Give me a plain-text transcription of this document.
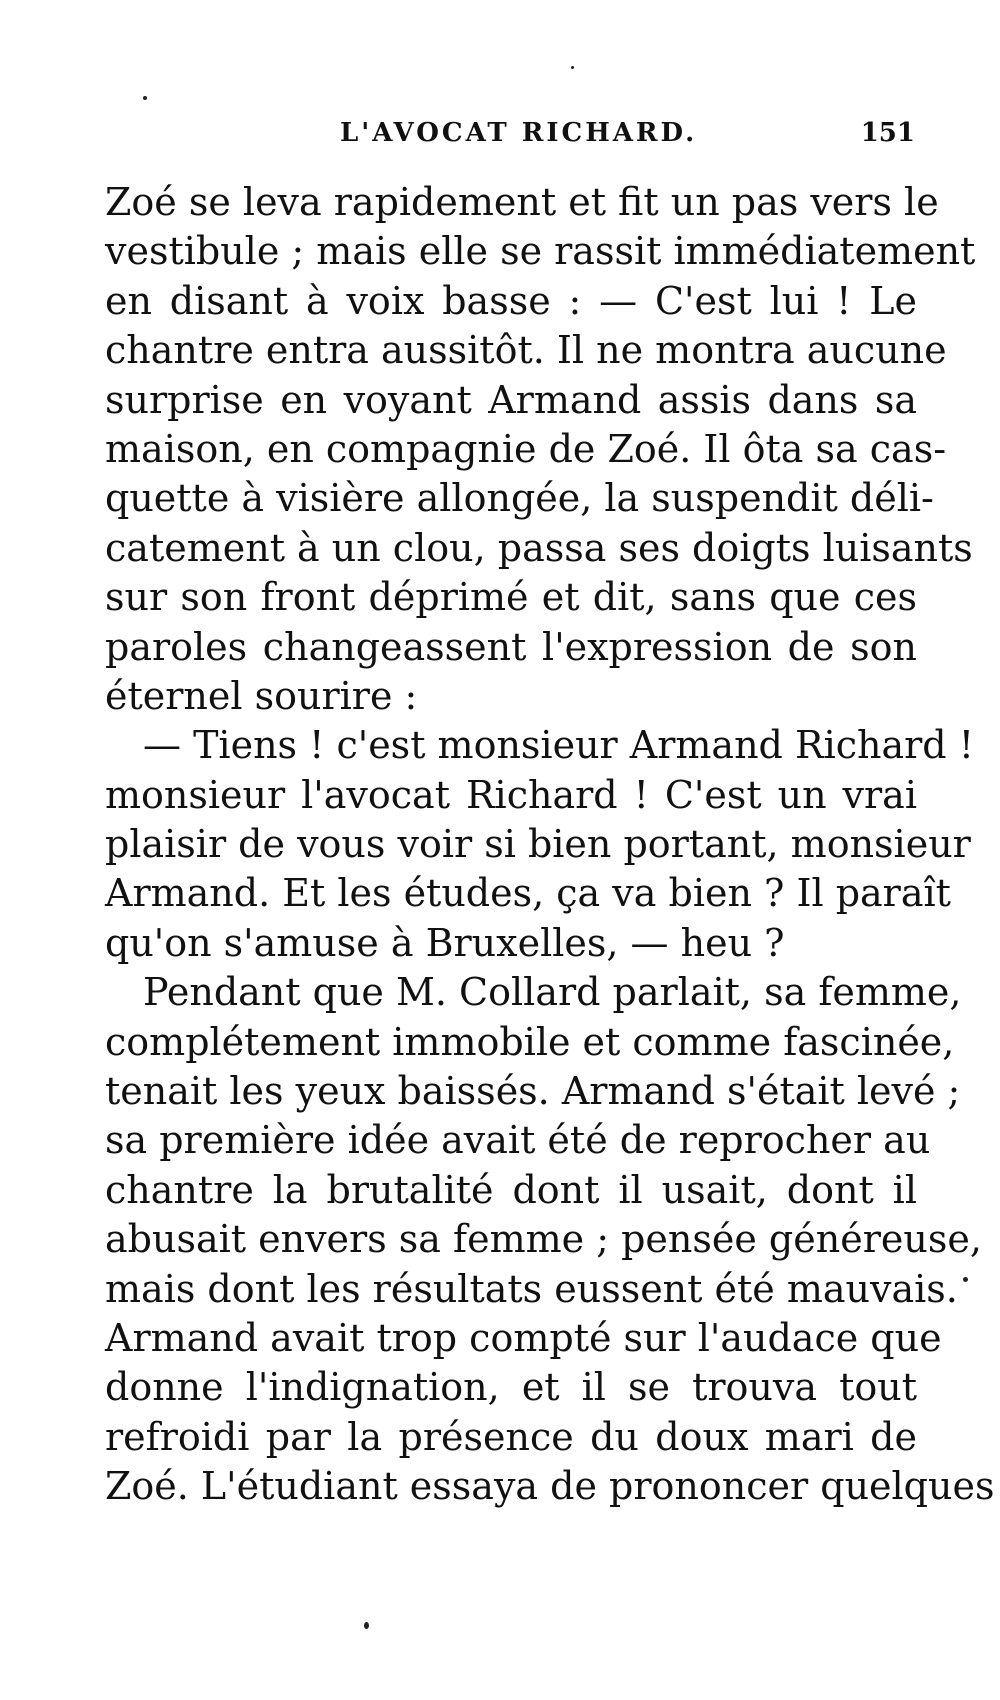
L'AVOCAT RICHARD.	151
Zoé se leva rapidement et fit un pas vers le
vestibule ; mais elle se rassit immédiatement
en disant à voix basse : — C'est lui ! Le
chantre entra aussitôt. Il ne montra aucune
surprise en voyant Armand assis dans sa
maison, en compagnie de Zoé. Il ôta sa cas-
quette à visière allongée, la suspendit déli-
catement à un clou, passa ses doigts luisants
sur son front déprimé et dit, sans que ces
paroles changeassent l'expression de son
éternel sourire :
— Tiens ! c'est monsieur Armand Richard !
monsieur l'avocat Richard ! C'est un vrai
plaisir de vous voir si bien portant, monsieur
Armand. Et les études, ça va bien ? Il paraît
qu'on s'amuse à Bruxelles, — heu ?
Pendant que M. Collard parlait, sa femme,
complétement immobile et comme fascinée,
tenait les yeux baissés. Armand s'était levé ;
sa première idée avait été de reprocher au
chantre la brutalité dont il usait, dont il
abusait envers sa femme ; pensée généreuse,
mais dont les résultats eussent été mauvais.
Armand avait trop compté sur l'audace que
donne l'indignation, et il se trouva tout
refroidi par la présence du doux mari de
Zoé. L'étudiant essaya de prononcer quelques
